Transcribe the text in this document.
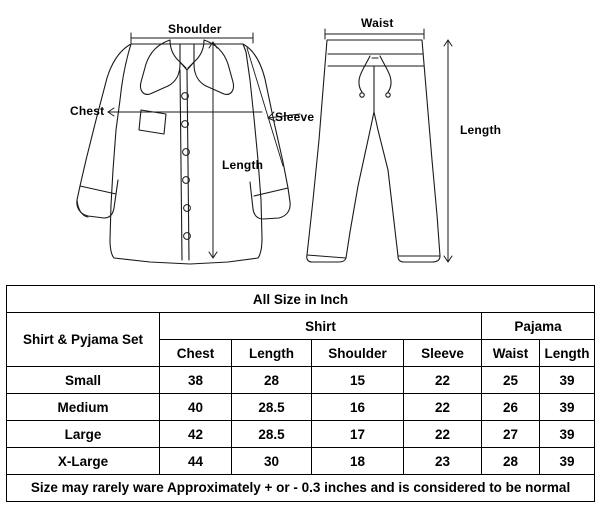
Shoulder
Chest	Sleeve
Length
Waist
Length
All Size in Inch						
Shirt & Pyjama Set	Shirt				Pajama	
	Chest	Length	Shoulder	Sleeve	Waist	Length
Small	38	28	15	22	25	39
Medium	40	28.5	16	22	26	39
Large	42	28.5	17	22	27	39
X-Large	44	30	18	23	28	39
Size may rarely ware Approximately + or - 0.3 inches and is considered to be normal						
